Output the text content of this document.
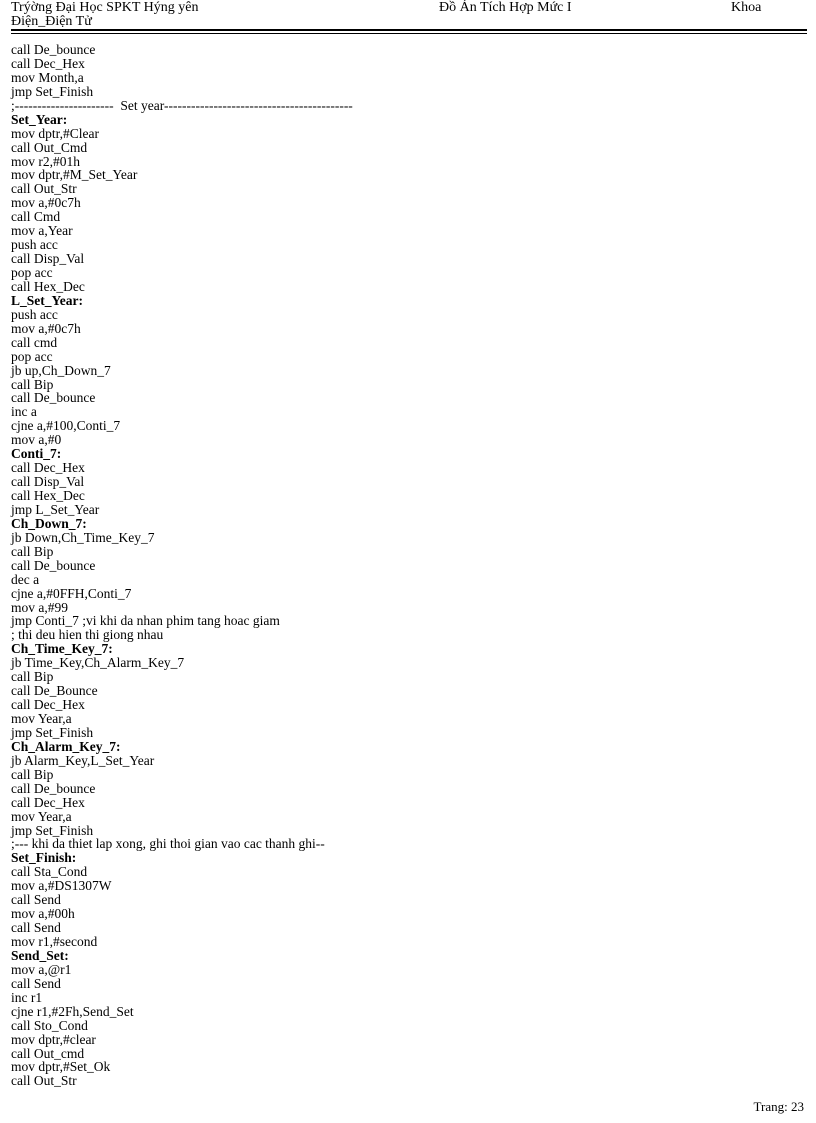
Trýờng Đại Học SPKT Hýng yên	Đồ Án Tích Hợp Mức I	Khoa
Điện_Điện Tử
call De_bounce
call Dec_Hex
mov Month,a
jmp Set_Finish
;----------------------  Set year------------------------------------------
Set_Year:
mov dptr,#Clear
call Out_Cmd
mov r2,#01h
mov dptr,#M_Set_Year
call Out_Str
mov a,#0c7h
call Cmd
mov a,Year
push acc
call Disp_Val
pop acc
call Hex_Dec
L_Set_Year:
push acc
mov a,#0c7h
call cmd
pop acc
jb up,Ch_Down_7
call Bip
call De_bounce
inc a
cjne a,#100,Conti_7
mov a,#0
Conti_7:
call Dec_Hex
call Disp_Val
call Hex_Dec
jmp L_Set_Year
Ch_Down_7:
jb Down,Ch_Time_Key_7
call Bip
call De_bounce
dec a
cjne a,#0FFH,Conti_7
mov a,#99
jmp Conti_7 ;vi khi da nhan phim tang hoac giam
; thi deu hien thi giong nhau
Ch_Time_Key_7:
jb Time_Key,Ch_Alarm_Key_7
call Bip
call De_Bounce
call Dec_Hex
mov Year,a
jmp Set_Finish
Ch_Alarm_Key_7:
jb Alarm_Key,L_Set_Year
call Bip
call De_bounce
call Dec_Hex
mov Year,a
jmp Set_Finish
;--- khi da thiet lap xong, ghi thoi gian vao cac thanh ghi--
Set_Finish:
call Sta_Cond
mov a,#DS1307W
call Send
mov a,#00h
call Send
mov r1,#second
Send_Set:
mov a,@r1
call Send
inc r1
cjne r1,#2Fh,Send_Set
call Sto_Cond
mov dptr,#clear
call Out_cmd
mov dptr,#Set_Ok
call Out_Str
Trang: 23
